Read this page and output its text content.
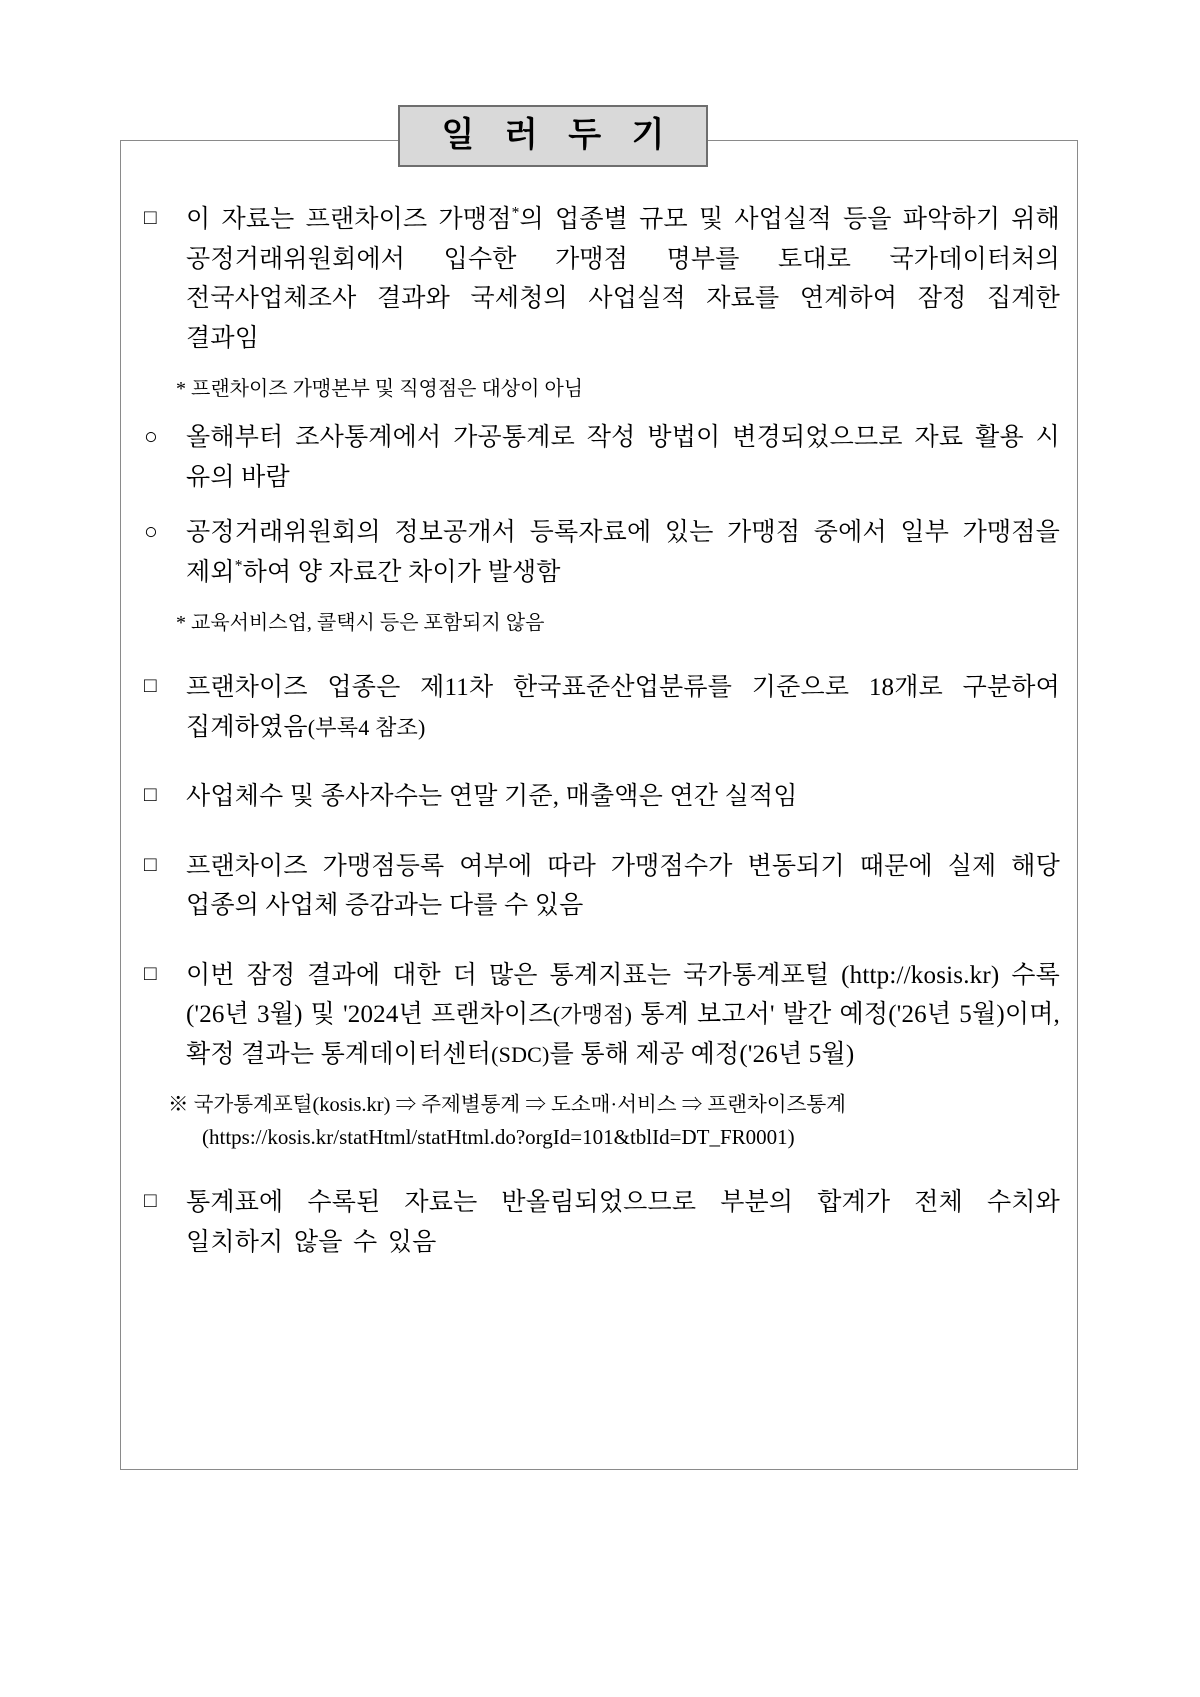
일 러 두 기
□ 이 자료는 프랜차이즈 가맹점*의 업종별 규모 및 사업실적 등을 파악하기 위해 공정거래위원회에서 입수한 가맹점 명부를 토대로 국가데이터처의 전국사업체조사 결과와 국세청의 사업실적 자료를 연계하여 잠정 집계한 결과임
* 프랜차이즈 가맹본부 및 직영점은 대상이 아님
○ 올해부터 조사통계에서 가공통계로 작성 방법이 변경되었으므로 자료 활용 시 유의 바람
○ 공정거래위원회의 정보공개서 등록자료에 있는 가맹점 중에서 일부 가맹점을 제외*하여 양 자료간 차이가 발생함
* 교육서비스업, 콜택시 등은 포함되지 않음
□ 프랜차이즈 업종은 제11차 한국표준산업분류를 기준으로 18개로 구분하여 집계하였음(부록4 참조)
□ 사업체수 및 종사자수는 연말 기준, 매출액은 연간 실적임
□ 프랜차이즈 가맹점등록 여부에 따라 가맹점수가 변동되기 때문에 실제 해당 업종의 사업체 증감과는 다를 수 있음
□ 이번 잠정 결과에 대한 더 많은 통계지표는 국가통계포털 (http://kosis.kr) 수록('26년 3월) 및 '2024년 프랜차이즈(가맹점) 통계 보고서' 발간 예정('26년 5월)이며, 확정 결과는 통계데이터센터(SDC)를 통해 제공 예정('26년 5월)
※ 국가통계포털(kosis.kr) ⇒ 주제별통계 ⇒ 도소매·서비스 ⇒ 프랜차이즈통계
(https://kosis.kr/statHtml/statHtml.do?orgId=101&tblId=DT_FR0001)
□ 통계표에 수록된 자료는 반올림되었으므로 부분의 합계가 전체 수치와 일치하지 않을 수 있음
